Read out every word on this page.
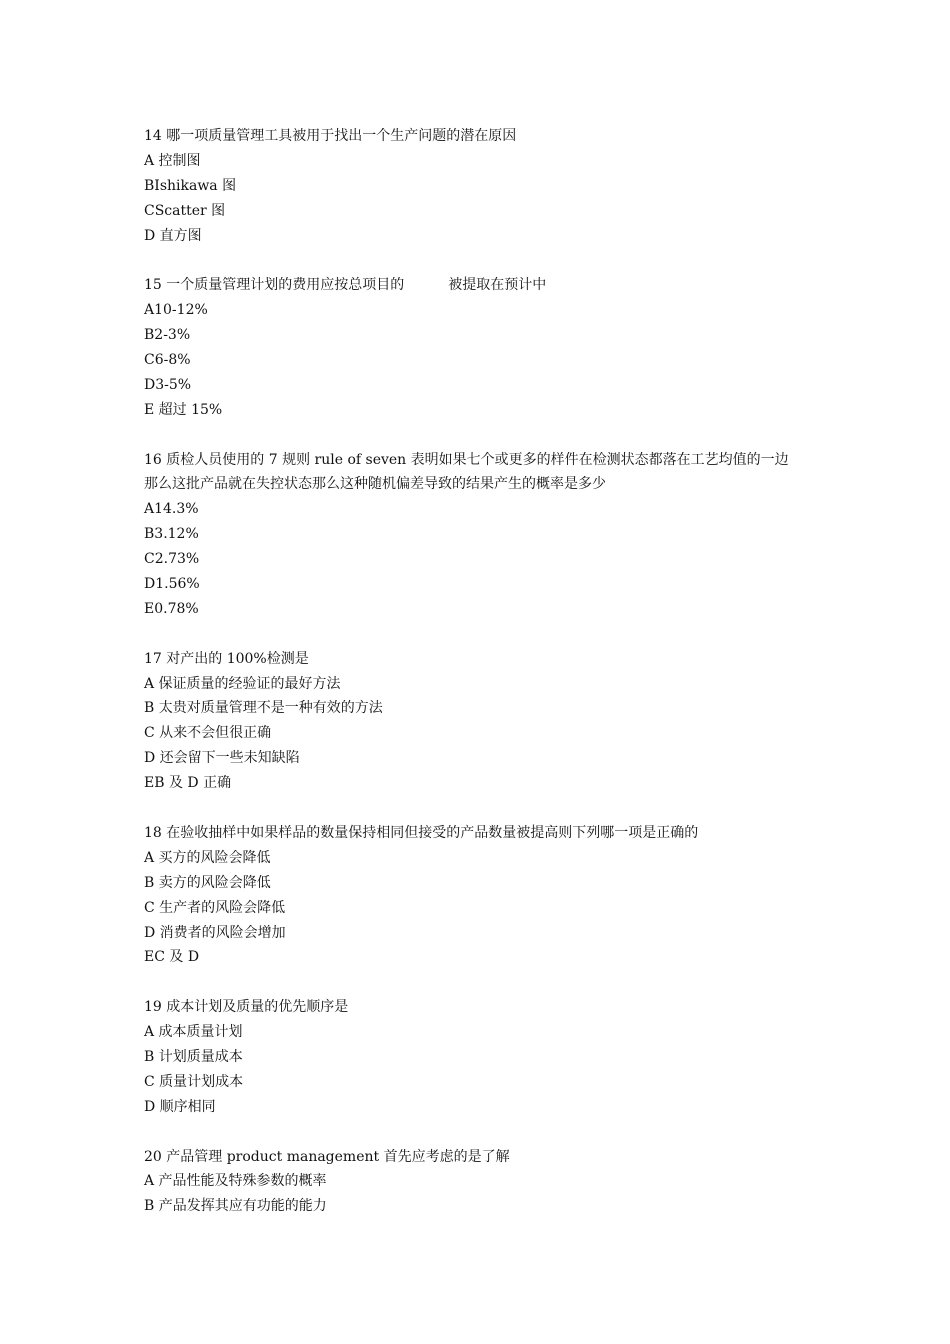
14 哪一项质量管理工具被用于找出一个生产问题的潜在原因
A 控制图
BIshikawa 图
CScatter 图
D 直方图
15 一个质量管理计划的费用应按总项目的	被提取在预计中
A10-12%
B2-3%
C6-8%
D3-5%
E 超过 15%
16 质检人员使用的 7 规则 rule of seven 表明如果七个或更多的样件在检测状态都落在工艺均值的一边
那么这批产品就在失控状态那么这种随机偏差导致的结果产生的概率是多少
A14.3%
B3.12%
C2.73%
D1.56%
E0.78%
17 对产出的 100%检测是
A 保证质量的经验证的最好方法
B 太贵对质量管理不是一种有效的方法
C 从来不会但很正确
D 还会留下一些未知缺陷
EB 及 D 正确
18 在验收抽样中如果样品的数量保持相同但接受的产品数量被提高则下列哪一项是正确的
A 买方的风险会降低
B 卖方的风险会降低
C 生产者的风险会降低
D 消费者的风险会增加
EC 及 D
19 成本计划及质量的优先顺序是
A 成本质量计划
B 计划质量成本
C 质量计划成本
D 顺序相同
20 产品管理 product management 首先应考虑的是了解
A 产品性能及特殊参数的概率
B 产品发挥其应有功能的能力
